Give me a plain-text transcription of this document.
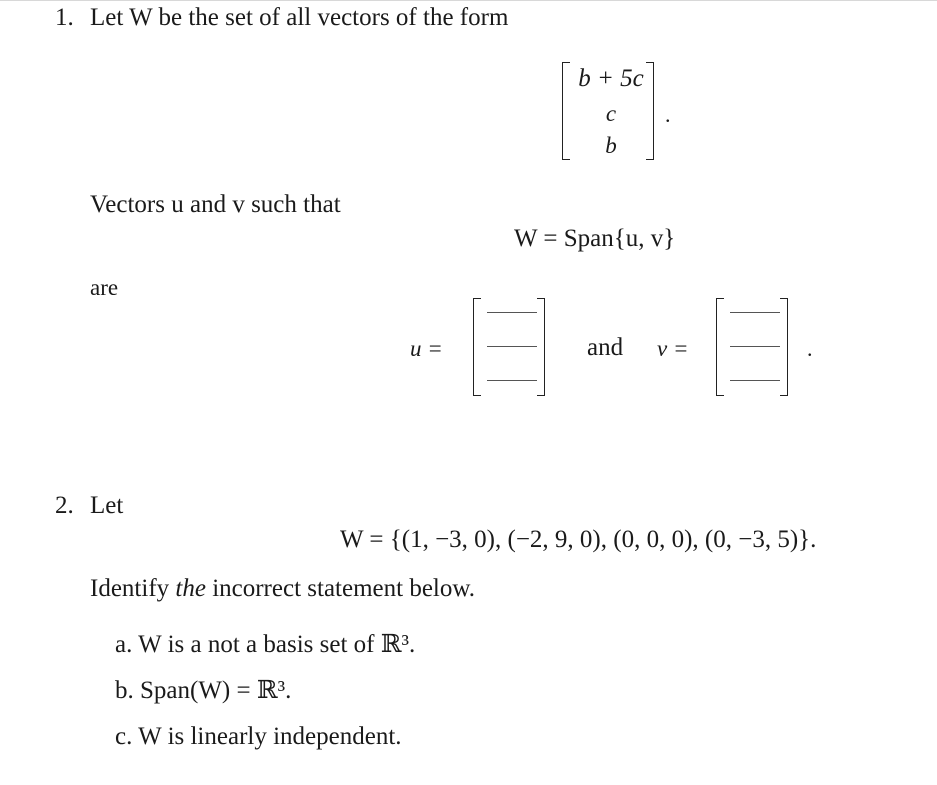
1. Let W be the set of all vectors of the form
b + 5c
c
b
.
Vectors u and v such that
W = Span{u, v}
are
u =	and v =	.
2. Let
W = {(1, −3, 0), (−2, 9, 0), (0, 0, 0), (0, −3, 5)}.
Identify the incorrect statement below.
a. W is a not a basis set of ℝ³.
b. Span(W) = ℝ³.
c. W is linearly independent.
